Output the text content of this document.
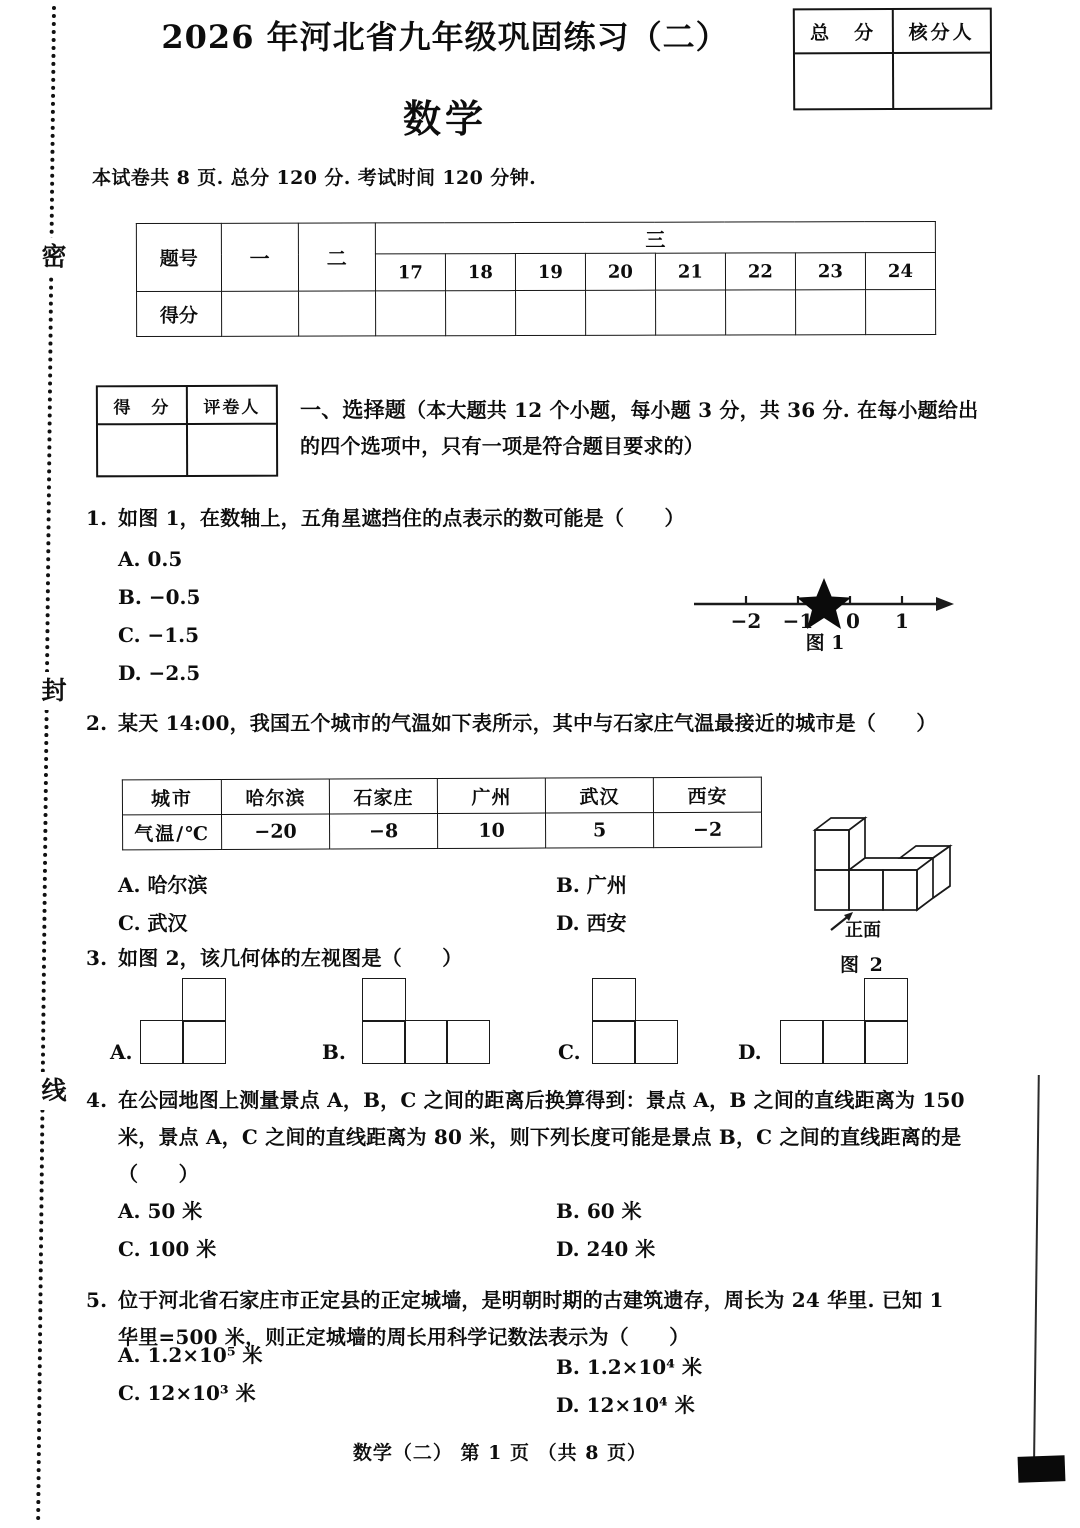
密
封
线
2026 年河北省九年级巩固练习（二）
数学
本试卷共 8 页. 总分 120 分. 考试时间 120 分钟.
总　分	核分人
题号	一	二	三							
			17	18	19	20	21	22	23	24
得分										
得　分	评卷人	一、选择题（本大题共 12 个小题，每小题 3 分，共 36 分. 在每小题给出的四个选项中，只有一项是符合题目要求的）
1. 如图 1，在数轴上，五角星遮挡住的点表示的数可能是（　　）
A. 0.5
B. −0.5
C. −1.5
D. −2.5
−2 −1 0 1
图 1
2. 某天 14:00，我国五个城市的气温如下表所示，其中与石家庄气温最接近的城市是（　　）
城市	哈尔滨	石家庄	广州	武汉	西安
气温/℃	−20	−8	10	5	−2
A. 哈尔滨
C. 武汉
B. 广州
D. 西安	正面
图 2
3. 如图 2，该几何体的左视图是（　　）
A.	B.	C.	D.
4. 在公园地图上测量景点 A，B，C 之间的距离后换算得到：景点 A，B 之间的直线距离为 150 米，景点 A，C 之间的直线距离为 80 米，则下列长度可能是景点 B，C 之间的直线距离的是（　　）
A. 50 米
C. 100 米
B. 60 米
D. 240 米
5. 位于河北省石家庄市正定县的正定城墙，是明朝时期的古建筑遗存，周长为 24 华里. 已知 1 华里=500 米，则正定城墙的周长用科学记数法表示为（　　）
A. 1.2×10⁵ 米
C. 12×10³ 米
B. 1.2×10⁴ 米
D. 12×10⁴ 米
数学（二） 第 1 页 （共 8 页）
